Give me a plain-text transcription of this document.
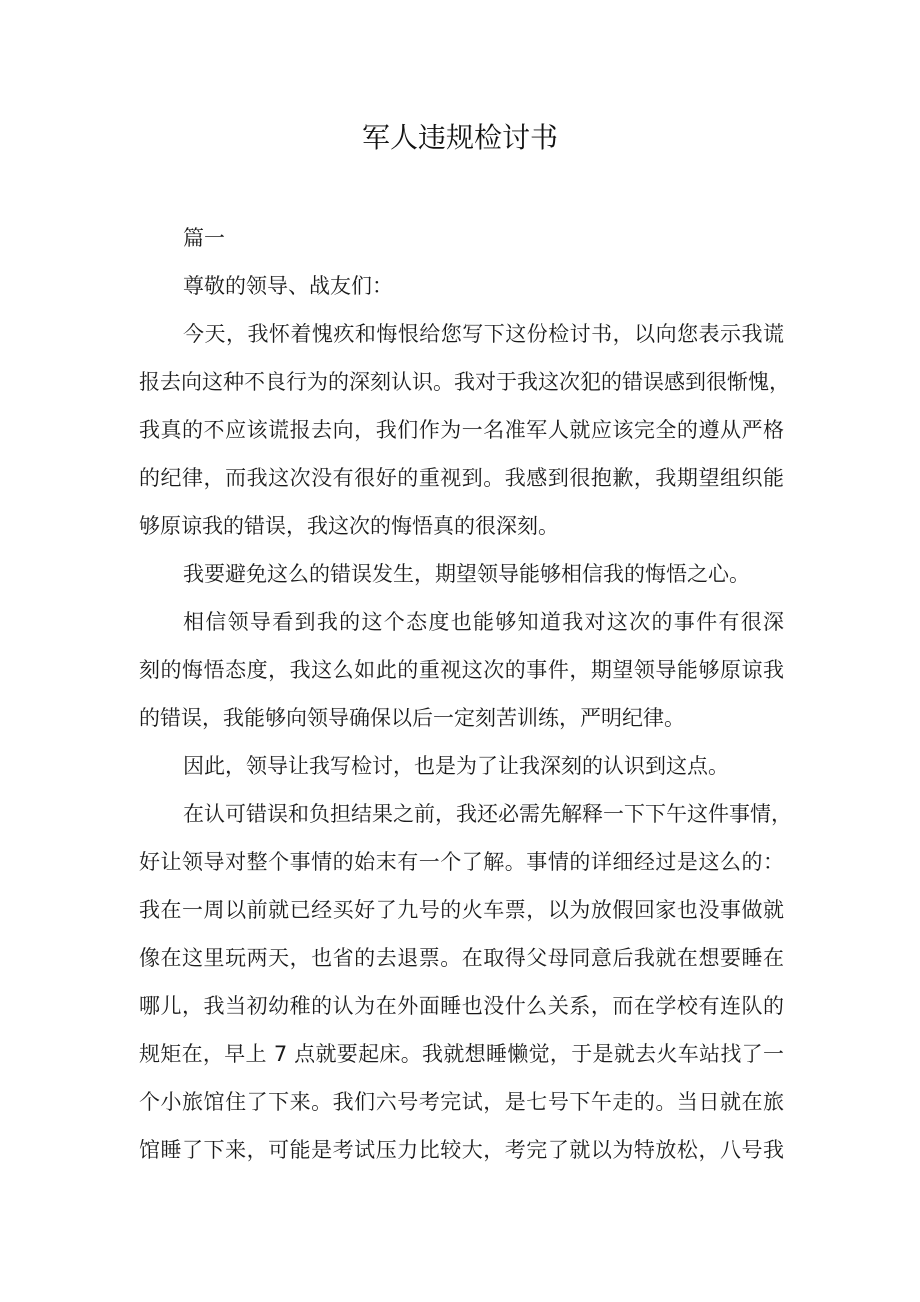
军人违规检讨书
篇一
尊敬的领导、战友们：
今天，我怀着愧疚和悔恨给您写下这份检讨书，以向您表示我谎
报去向这种不良行为的深刻认识。我对于我这次犯的错误感到很惭愧，
我真的不应该谎报去向，我们作为一名准军人就应该完全的遵从严格
的纪律，而我这次没有很好的重视到。我感到很抱歉，我期望组织能
够原谅我的错误，我这次的悔悟真的很深刻。
我要避免这么的错误发生，期望领导能够相信我的悔悟之心。
相信领导看到我的这个态度也能够知道我对这次的事件有很深
刻的悔悟态度，我这么如此的重视这次的事件，期望领导能够原谅我
的错误，我能够向领导确保以后一定刻苦训练，严明纪律。
因此，领导让我写检讨，也是为了让我深刻的认识到这点。
在认可错误和负担结果之前，我还必需先解释一下下午这件事情，
好让领导对整个事情的始末有一个了解。事情的详细经过是这么的：
我在一周以前就已经买好了九号的火车票，以为放假回家也没事做就
像在这里玩两天，也省的去退票。在取得父母同意后我就在想要睡在
哪儿，我当初幼稚的认为在外面睡也没什么关系，而在学校有连队的
规矩在，早上 7 点就要起床。我就想睡懒觉，于是就去火车站找了一
个小旅馆住了下来。我们六号考完试，是七号下午走的。当日就在旅
馆睡了下来，可能是考试压力比较大，考完了就以为特放松，八号我
